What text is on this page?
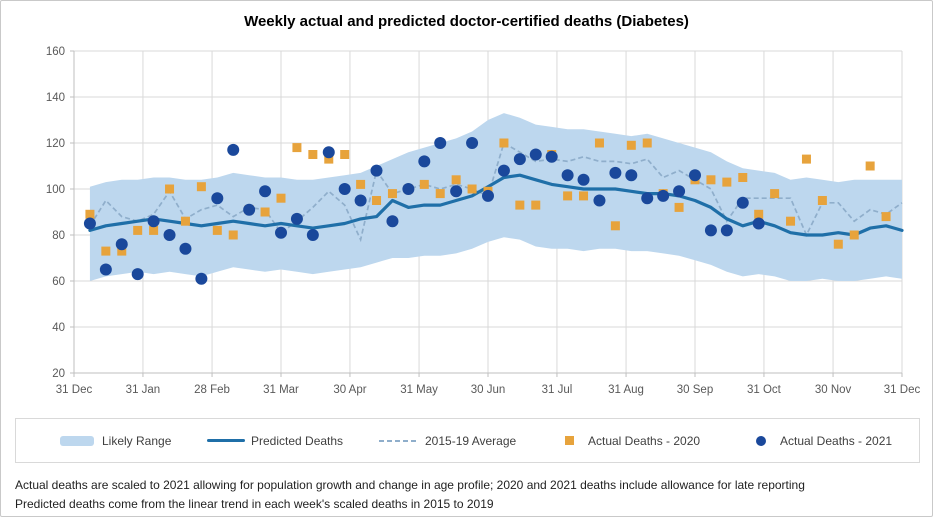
Weekly actual and predicted doctor-certified deaths (Diabetes)
20
40
60
80
100
120
140
160
31 Dec	31 Jan	28 Feb	31 Mar	30 Apr	31 May	30 Jun	31 Jul	31 Aug	30 Sep	31 Oct	30 Nov	31 Dec
Likely Range	Predicted Deaths	2015-19 Average	Actual Deaths - 2020	Actual Deaths - 2021
Actual deaths are scaled to 2021 allowing for population growth and change in age profile; 2020 and 2021 deaths include allowance for late reporting
Predicted deaths come from the linear trend in each week's scaled deaths in 2015 to 2019
